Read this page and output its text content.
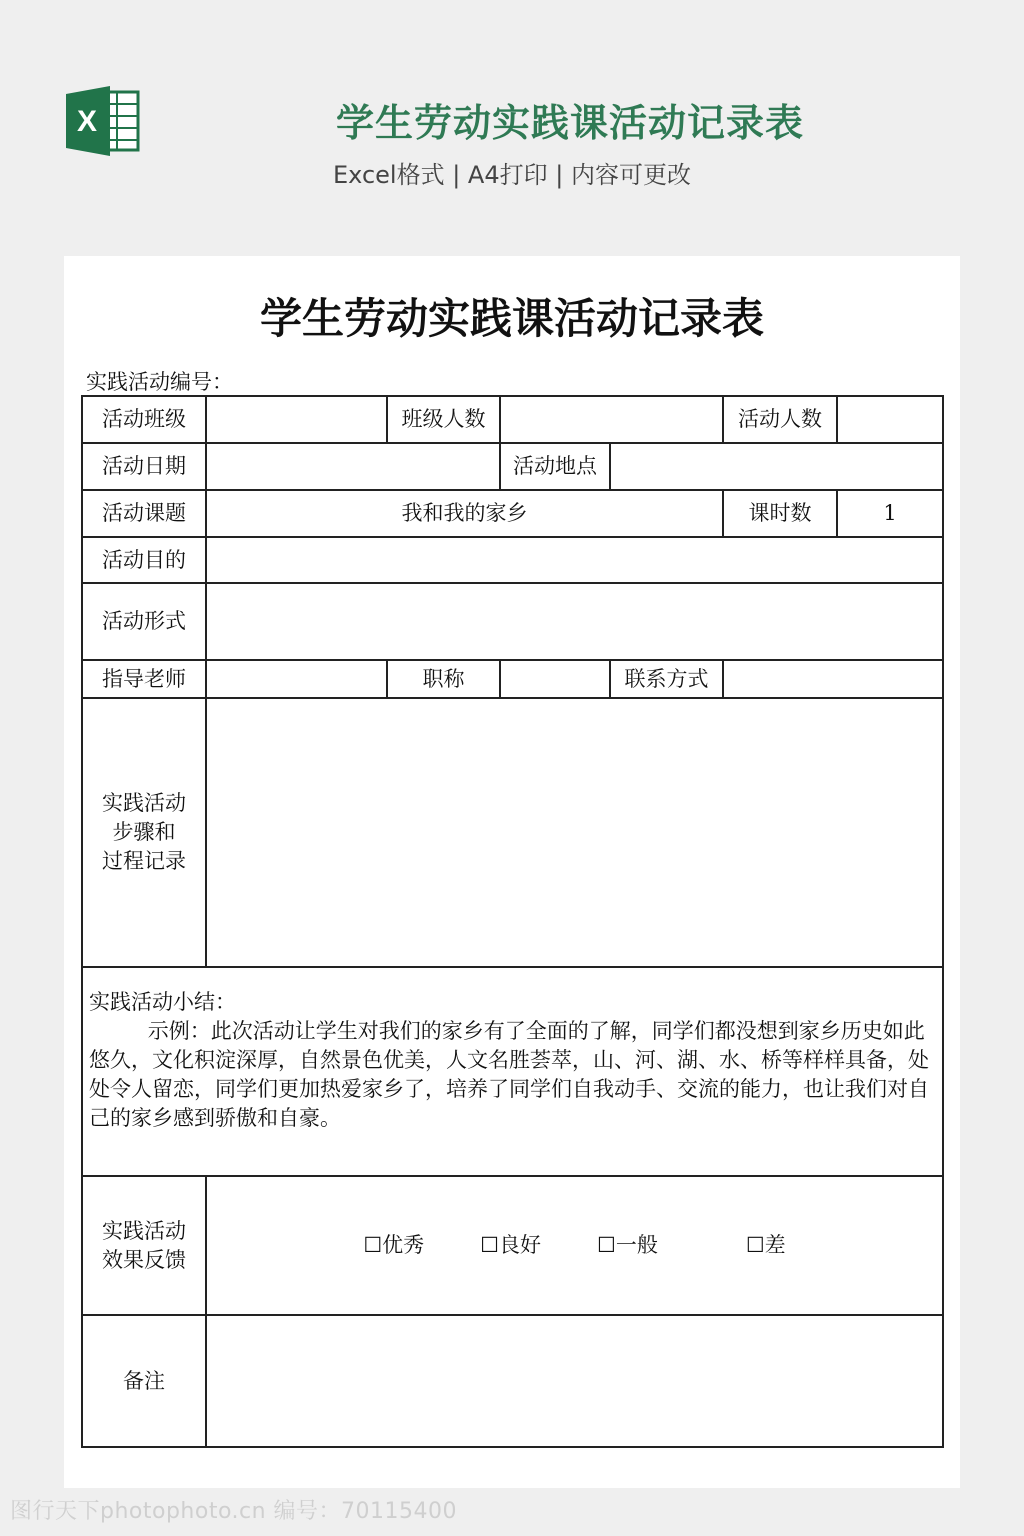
X	学生劳动实践课活动记录表
Excel格式 | A4打印 | 内容可更改
学生劳动实践课活动记录表
实践活动编号：
活动班级		班级人数			活动人数	
活动日期			活动地点			
活动课题	我和我的家乡				课时数	1
活动目的						
活动形式						
指导老师		职称		联系方式		

实践活动
步骤和
过程记录						

实践活动小结：
示例：此次活动让学生对我们的家乡有了全面的了解，同学们都没想到家乡历史如此悠久，文化积淀深厚，自然景色优美，人文名胜荟萃，山、河、湖、水、桥等样样具备，处处令人留恋，同学们更加热爱家乡了，培养了同学们自我动手、交流的能力，也让我们对自己的家乡感到骄傲和自豪。						

实践活动
效果反馈	☐优秀 ☐良好 ☐一般 ☐差					
备注						
图行天下photophoto.cn 编号：70115400
